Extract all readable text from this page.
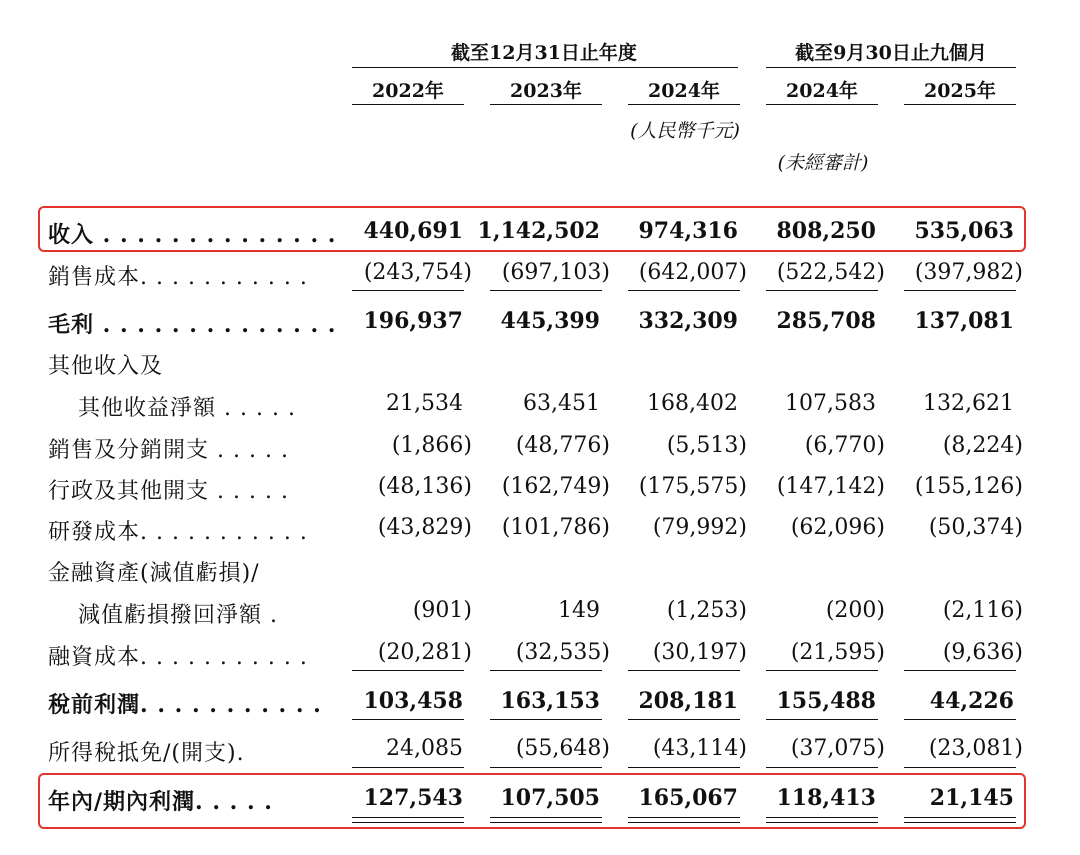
截至12月31日止年度	截至9月30日止九個月
2022年	2023年	2024年	2024年	2025年
(人民幣千元)
(未經審計)
收入 . . . . . . . . . . . . . . 440,691 1,142,502 974,316 808,250 535,063
銷售成本. . . . . . . . . . .	(243,754) (697,103) (642,007) (522,542) (397,982)
毛利 . . . . . . . . . . . . . . 196,937 445,399 332,309 285,708 137,081
其他收入及
其他收益淨額 . . . . .	21,534	63,451 168,402 107,583 132,621
銷售及分銷開支 . . . . .	(1,866) (48,776)	(5,513)	(6,770)	(8,224)
行政及其他開支 . . . . .	(48,136) (162,749) (175,575) (147,142) (155,126)
研發成本. . . . . . . . . . .	(43,829) (101,786) (79,992) (62,096) (50,374)
金融資產(減值虧損)/
減值虧損撥回淨額 .	(901)	149	(1,253)	(200)	(2,116)
融資成本. . . . . . . . . . .	(20,281) (32,535) (30,197) (21,595)	(9,636)
稅前利潤. . . . . . . . . . . 103,458 163,153 208,181 155,488 44,226
所得稅抵免/(開支).	24,085 (55,648) (43,114) (37,075) (23,081)
年內/期內利潤. . . . .	127,543 107,505 165,067 118,413 21,145
